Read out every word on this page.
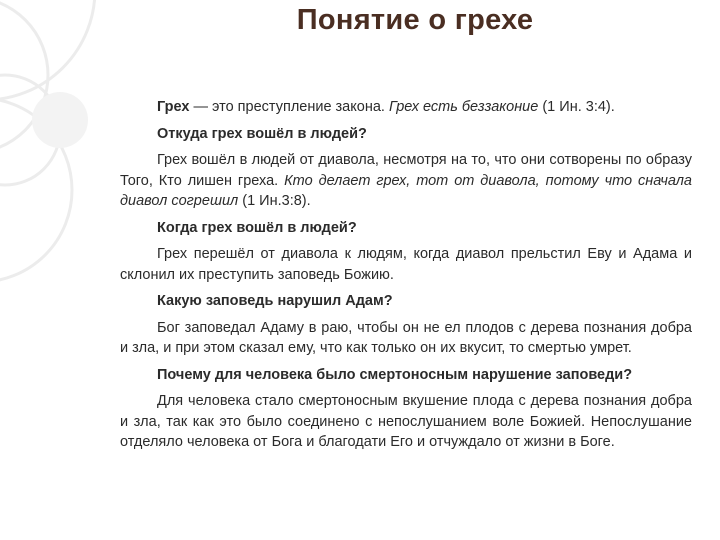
Понятие о грехе

Грех — это преступление закона. Грех есть беззаконие (1 Ин. 3:4).

Откуда грех вошёл в людей?

Грех вошёл в людей от диавола, несмотря на то, что они сотворены по образу Того, Кто лишен греха. Кто делает грех, тот от диавола, потому что сначала диавол согрешил (1 Ин.3:8).

Когда грех вошёл в людей?

Грех перешёл от диавола к людям, когда диавол прельстил Еву и Адама и склонил их преступить заповедь Божию.

Какую заповедь нарушил Адам?

Бог заповедал Адаму в раю, чтобы он не ел плодов с дерева познания добра и зла, и при этом сказал ему, что как только он их вкусит, то смертью умрет.

Почему для человека было смертоносным нарушение заповеди?

Для человека стало смертоносным вкушение плода с дерева познания добра и зла, так как это было соединено с непослушанием воле Божией. Непослушание отделяло человека от Бога и благодати Его и отчуждало от жизни в Боге.
